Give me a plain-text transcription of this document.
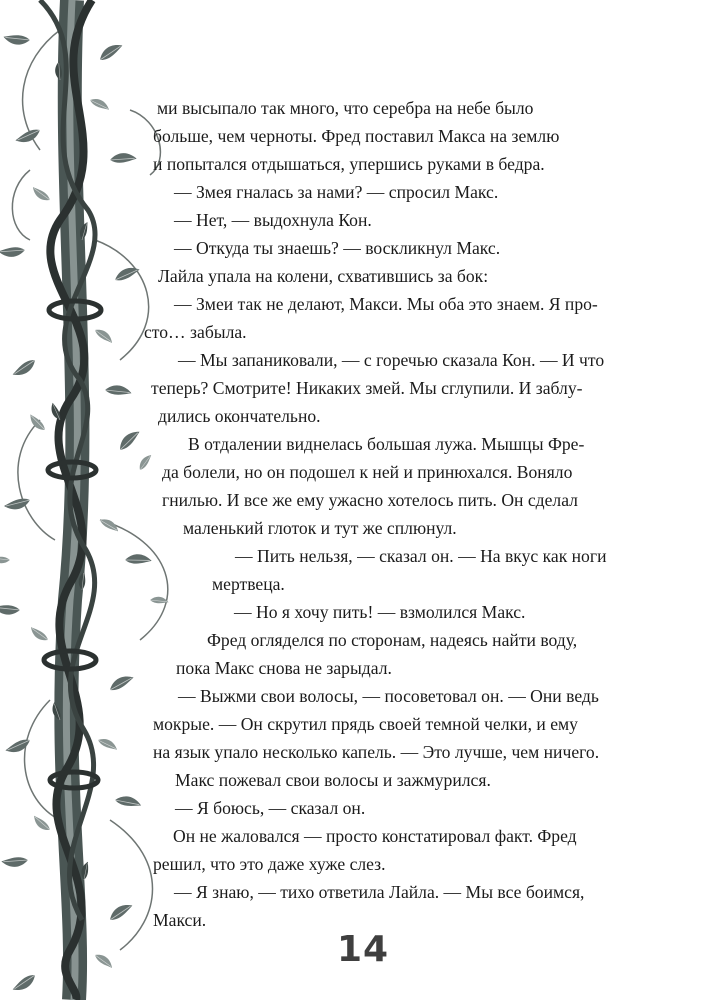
ми высыпало так много, что серебра на небе было
больше, чем черноты. Фред поставил Макса на землю
и попытался отдышаться, упершись руками в бедра.
— Змея гналась за нами? — спросил Макс.
— Нет, — выдохнула Кон.
— Откуда ты знаешь? — воскликнул Макс.
Лайла упала на колени, схватившись за бок:
— Змеи так не делают, Макси. Мы оба это знаем. Я про-
сто… забыла.
— Мы запаниковали, — с горечью сказала Кон. — И что
теперь? Смотрите! Никаких змей. Мы сглупили. И заблу-
дились окончательно.
В отдалении виднелась большая лужа. Мышцы Фре-
да болели, но он подошел к ней и принюхался. Воняло
гнилью. И все же ему ужасно хотелось пить. Он сделал
маленький глоток и тут же сплюнул.
— Пить нельзя, — сказал он. — На вкус как ноги
мертвеца.
— Но я хочу пить! — взмолился Макс.
Фред огляделся по сторонам, надеясь найти воду,
пока Макс снова не зарыдал.
— Выжми свои волосы, — посоветовал он. — Они ведь
мокрые. — Он скрутил прядь своей темной челки, и ему
на язык упало несколько капель. — Это лучше, чем ничего.
Макс пожевал свои волосы и зажмурился.
— Я боюсь, — сказал он.
Он не жаловался — просто констатировал факт. Фред
решил, что это даже хуже слез.
— Я знаю, — тихо ответила Лайла. — Мы все боимся,
Макси.
14
